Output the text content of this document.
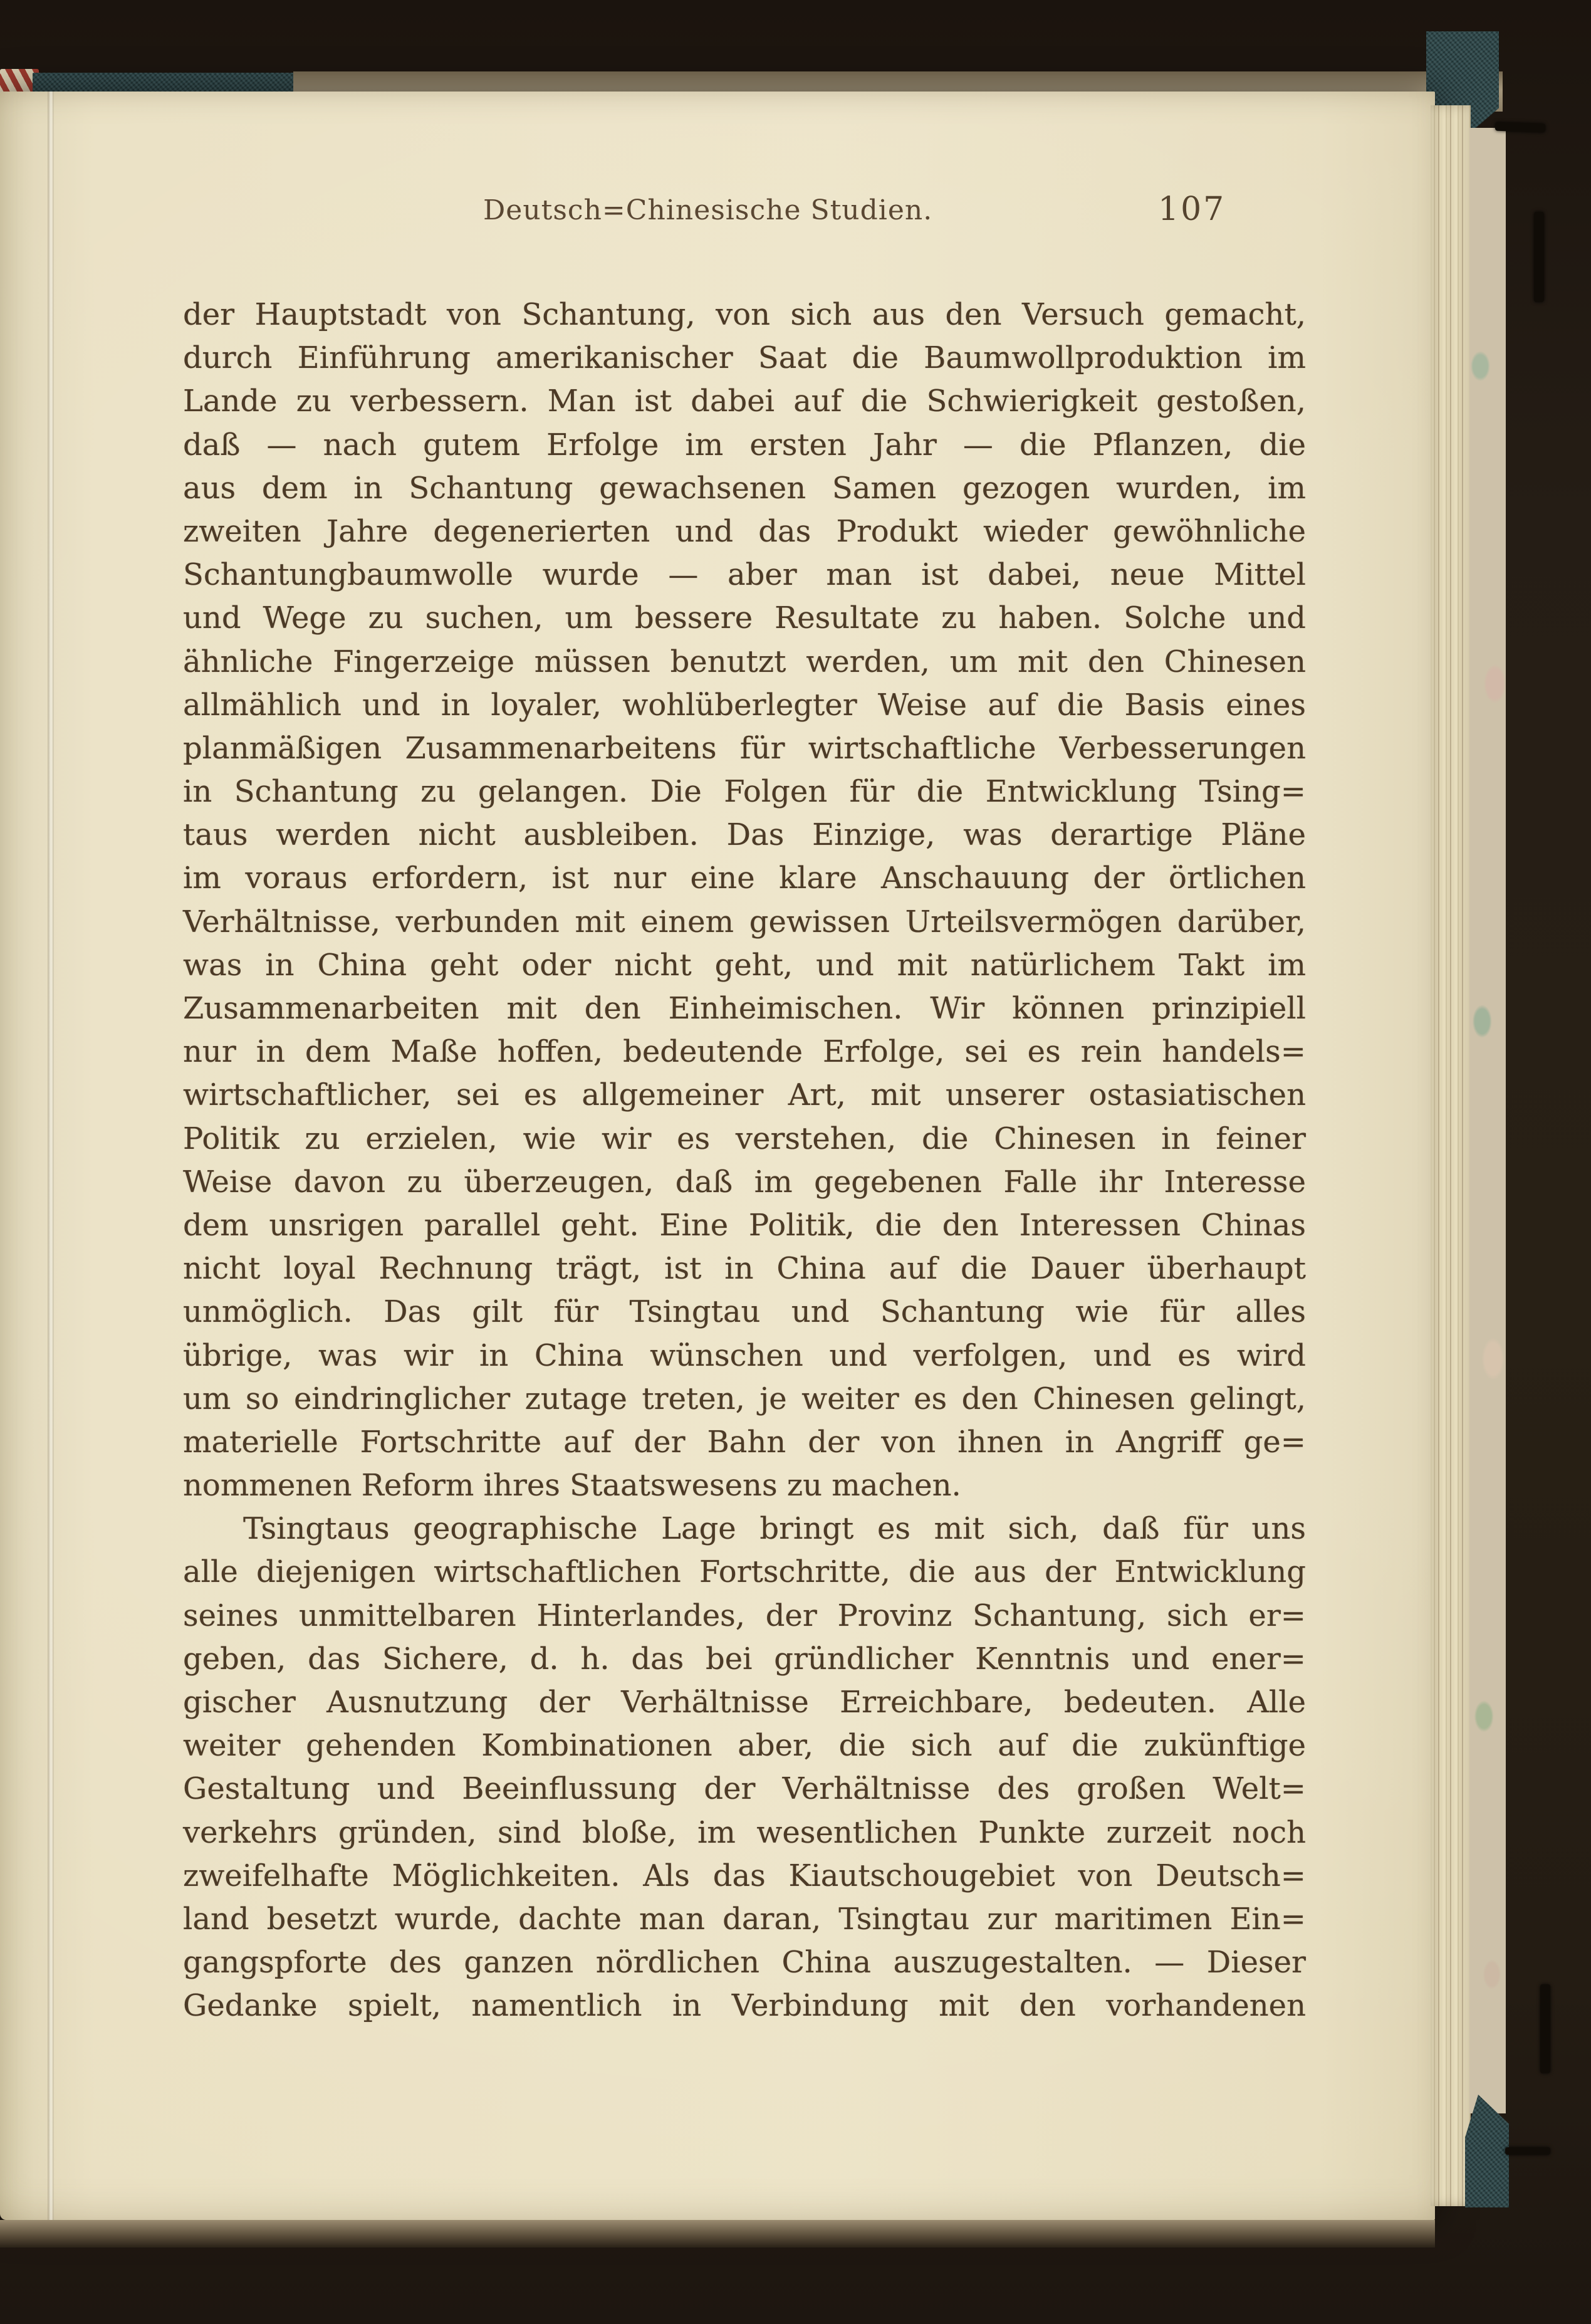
Deutsch=Chinesische Studien.	107
der Hauptstadt von Schantung, von sich aus den Versuch gemacht,
durch Einführung amerikanischer Saat die Baumwollproduktion im
Lande zu verbessern. Man ist dabei auf die Schwierigkeit gestoßen,
daß — nach gutem Erfolge im ersten Jahr — die Pflanzen, die
aus dem in Schantung gewachsenen Samen gezogen wurden, im
zweiten Jahre degenerierten und das Produkt wieder gewöhnliche
Schantungbaumwolle wurde — aber man ist dabei, neue Mittel
und Wege zu suchen, um bessere Resultate zu haben. Solche und
ähnliche Fingerzeige müssen benutzt werden, um mit den Chinesen
allmählich und in loyaler, wohlüberlegter Weise auf die Basis eines
planmäßigen Zusammenarbeitens für wirtschaftliche Verbesserungen
in Schantung zu gelangen. Die Folgen für die Entwicklung Tsing=
taus werden nicht ausbleiben. Das Einzige, was derartige Pläne
im voraus erfordern, ist nur eine klare Anschauung der örtlichen
Verhältnisse, verbunden mit einem gewissen Urteilsvermögen darüber,
was in China geht oder nicht geht, und mit natürlichem Takt im
Zusammenarbeiten mit den Einheimischen. Wir können prinzipiell
nur in dem Maße hoffen, bedeutende Erfolge, sei es rein handels=
wirtschaftlicher, sei es allgemeiner Art, mit unserer ostasiatischen
Politik zu erzielen, wie wir es verstehen, die Chinesen in feiner
Weise davon zu überzeugen, daß im gegebenen Falle ihr Interesse
dem unsrigen parallel geht. Eine Politik, die den Interessen Chinas
nicht loyal Rechnung trägt, ist in China auf die Dauer überhaupt
unmöglich. Das gilt für Tsingtau und Schantung wie für alles
übrige, was wir in China wünschen und verfolgen, und es wird
um so eindringlicher zutage treten, je weiter es den Chinesen gelingt,
materielle Fortschritte auf der Bahn der von ihnen in Angriff ge=
nommenen Reform ihres Staatswesens zu machen.
Tsingtaus geographische Lage bringt es mit sich, daß für uns
alle diejenigen wirtschaftlichen Fortschritte, die aus der Entwicklung
seines unmittelbaren Hinterlandes, der Provinz Schantung, sich er=
geben, das Sichere, d. h. das bei gründlicher Kenntnis und ener=
gischer Ausnutzung der Verhältnisse Erreichbare, bedeuten. Alle
weiter gehenden Kombinationen aber, die sich auf die zukünftige
Gestaltung und Beeinflussung der Verhältnisse des großen Welt=
verkehrs gründen, sind bloße, im wesentlichen Punkte zurzeit noch
zweifelhafte Möglichkeiten. Als das Kiautschougebiet von Deutsch=
land besetzt wurde, dachte man daran, Tsingtau zur maritimen Ein=
gangspforte des ganzen nördlichen China auszugestalten. — Dieser
Gedanke spielt, namentlich in Verbindung mit den vorhandenen
